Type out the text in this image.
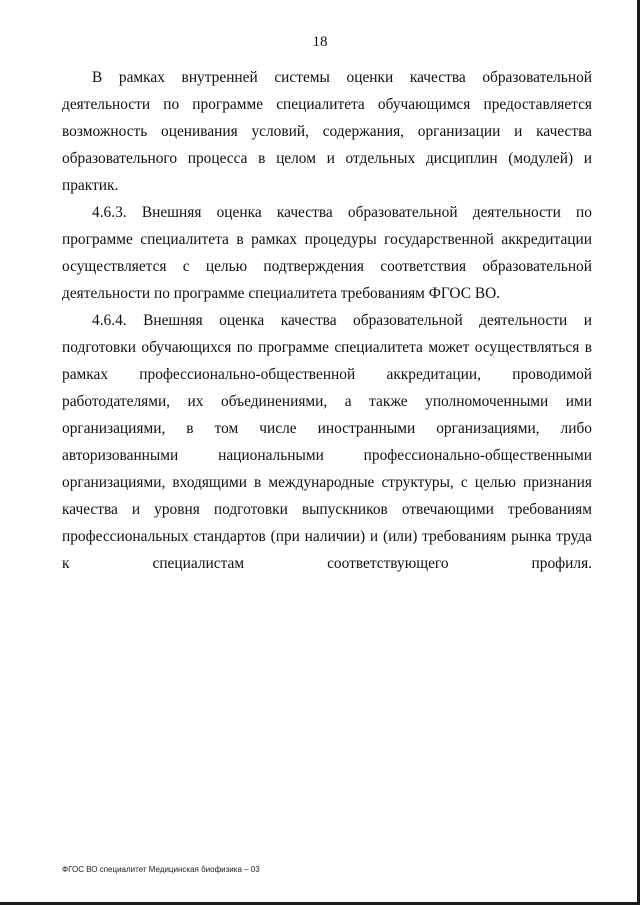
18

В рамках внутренней системы оценки качества образовательной деятельности по программе специалитета обучающимся предоставляется возможность оценивания условий, содержания, организации и качества образовательного процесса в целом и отдельных дисциплин (модулей) и практик.

4.6.3. Внешняя оценка качества образовательной деятельности по программе специалитета в рамках процедуры государственной аккредитации осуществляется с целью подтверждения соответствия образовательной деятельности по программе специалитета требованиям ФГОС ВО.

4.6.4. Внешняя оценка качества образовательной деятельности и подготовки обучающихся по программе специалитета может осуществляться в рамках профессионально-общественной аккредитации, проводимой работодателями, их объединениями, а также уполномоченными ими организациями, в том числе иностранными организациями, либо авторизованными национальными профессионально-общественными организациями, входящими в международные структуры, с целью признания качества и уровня подготовки выпускников отвечающими требованиям профессиональных стандартов (при наличии) и (или) требованиям рынка труда к специалистам соответствующего профиля.

ФГОС ВО специалитет Медицинская биофизика – 03
